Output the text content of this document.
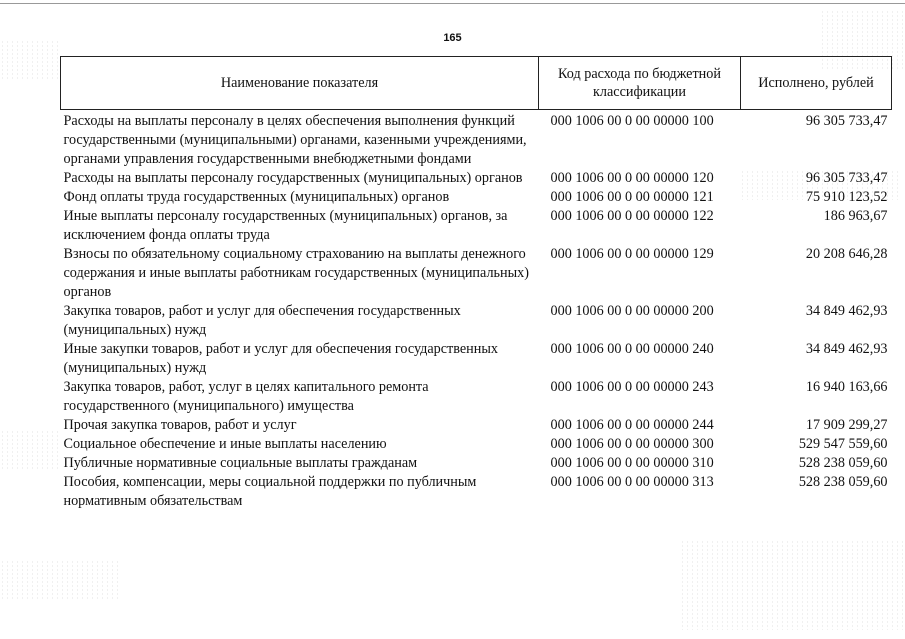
165
Наименование показателя	Код расхода по бюджетной классификации	Исполнено, рублей
Расходы на выплаты персоналу в целях обеспечения выполнения функций государственными (муниципальными) органами, казенными учреждениями, органами управления государственными внебюджетными фондами	000 1006 00 0 00 00000 100	96 305 733,47
Расходы на выплаты персоналу государственных (муниципальных) органов	000 1006 00 0 00 00000 120	96 305 733,47
Фонд оплаты труда государственных (муниципальных) органов	000 1006 00 0 00 00000 121	75 910 123,52
Иные выплаты персоналу государственных (муниципальных) органов, за исключением фонда оплаты труда	000 1006 00 0 00 00000 122	186 963,67
Взносы по обязательному социальному страхованию на выплаты денежного содержания и иные выплаты работникам государственных (муниципальных) органов	000 1006 00 0 00 00000 129	20 208 646,28
Закупка товаров, работ и услуг для обеспечения государственных (муниципальных) нужд	000 1006 00 0 00 00000 200	34 849 462,93
Иные закупки товаров, работ и услуг для обеспечения государственных (муниципальных) нужд	000 1006 00 0 00 00000 240	34 849 462,93
Закупка товаров, работ, услуг в целях капитального ремонта государственного (муниципального) имущества	000 1006 00 0 00 00000 243	16 940 163,66
Прочая закупка товаров, работ и услуг	000 1006 00 0 00 00000 244	17 909 299,27
Социальное обеспечение и иные выплаты населению	000 1006 00 0 00 00000 300	529 547 559,60
Публичные нормативные социальные выплаты гражданам	000 1006 00 0 00 00000 310	528 238 059,60
Пособия, компенсации, меры социальной поддержки по публичным нормативным обязательствам	000 1006 00 0 00 00000 313	528 238 059,60
